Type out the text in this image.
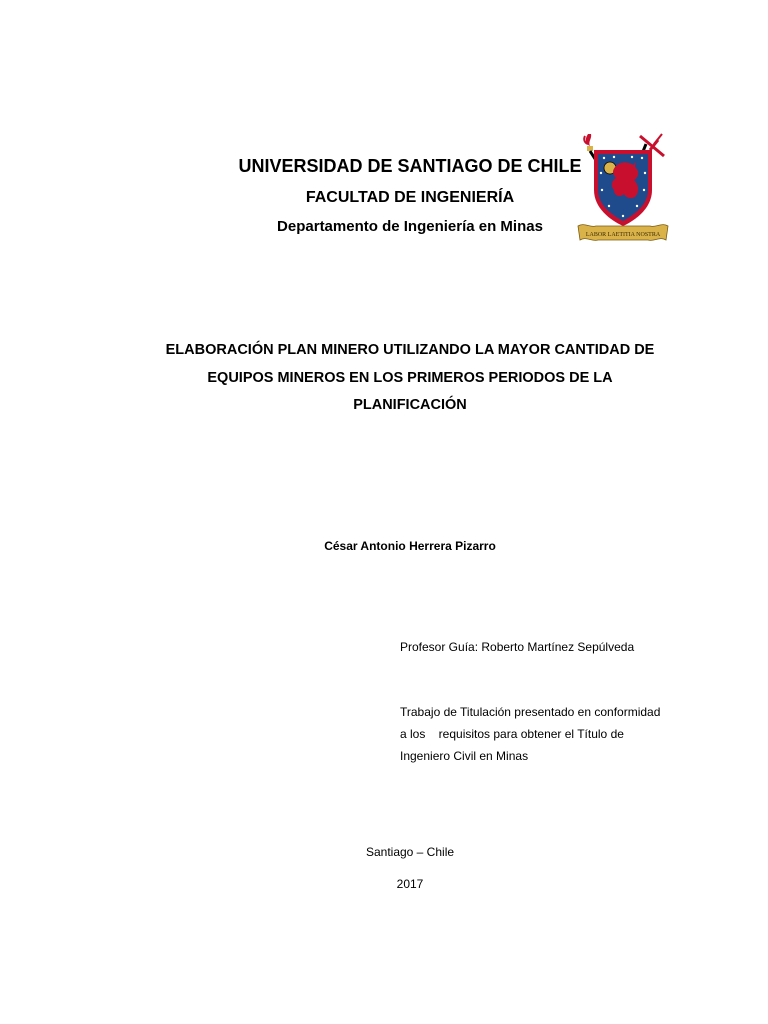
UNIVERSIDAD DE SANTIAGO DE CHILE
FACULTAD DE INGENIERÍA
Departamento de Ingeniería en Minas	LABOR LAETITIA NOSTRA
ELABORACIÓN PLAN MINERO UTILIZANDO LA MAYOR CANTIDAD DE
EQUIPOS MINEROS EN LOS PRIMEROS PERIODOS DE LA
PLANIFICACIÓN
César Antonio Herrera Pizarro
Profesor Guía: Roberto Martínez Sepúlveda
Trabajo de Titulación presentado en conformidad
a los    requisitos para obtener el Título de
Ingeniero Civil en Minas
Santiago – Chile
2017
